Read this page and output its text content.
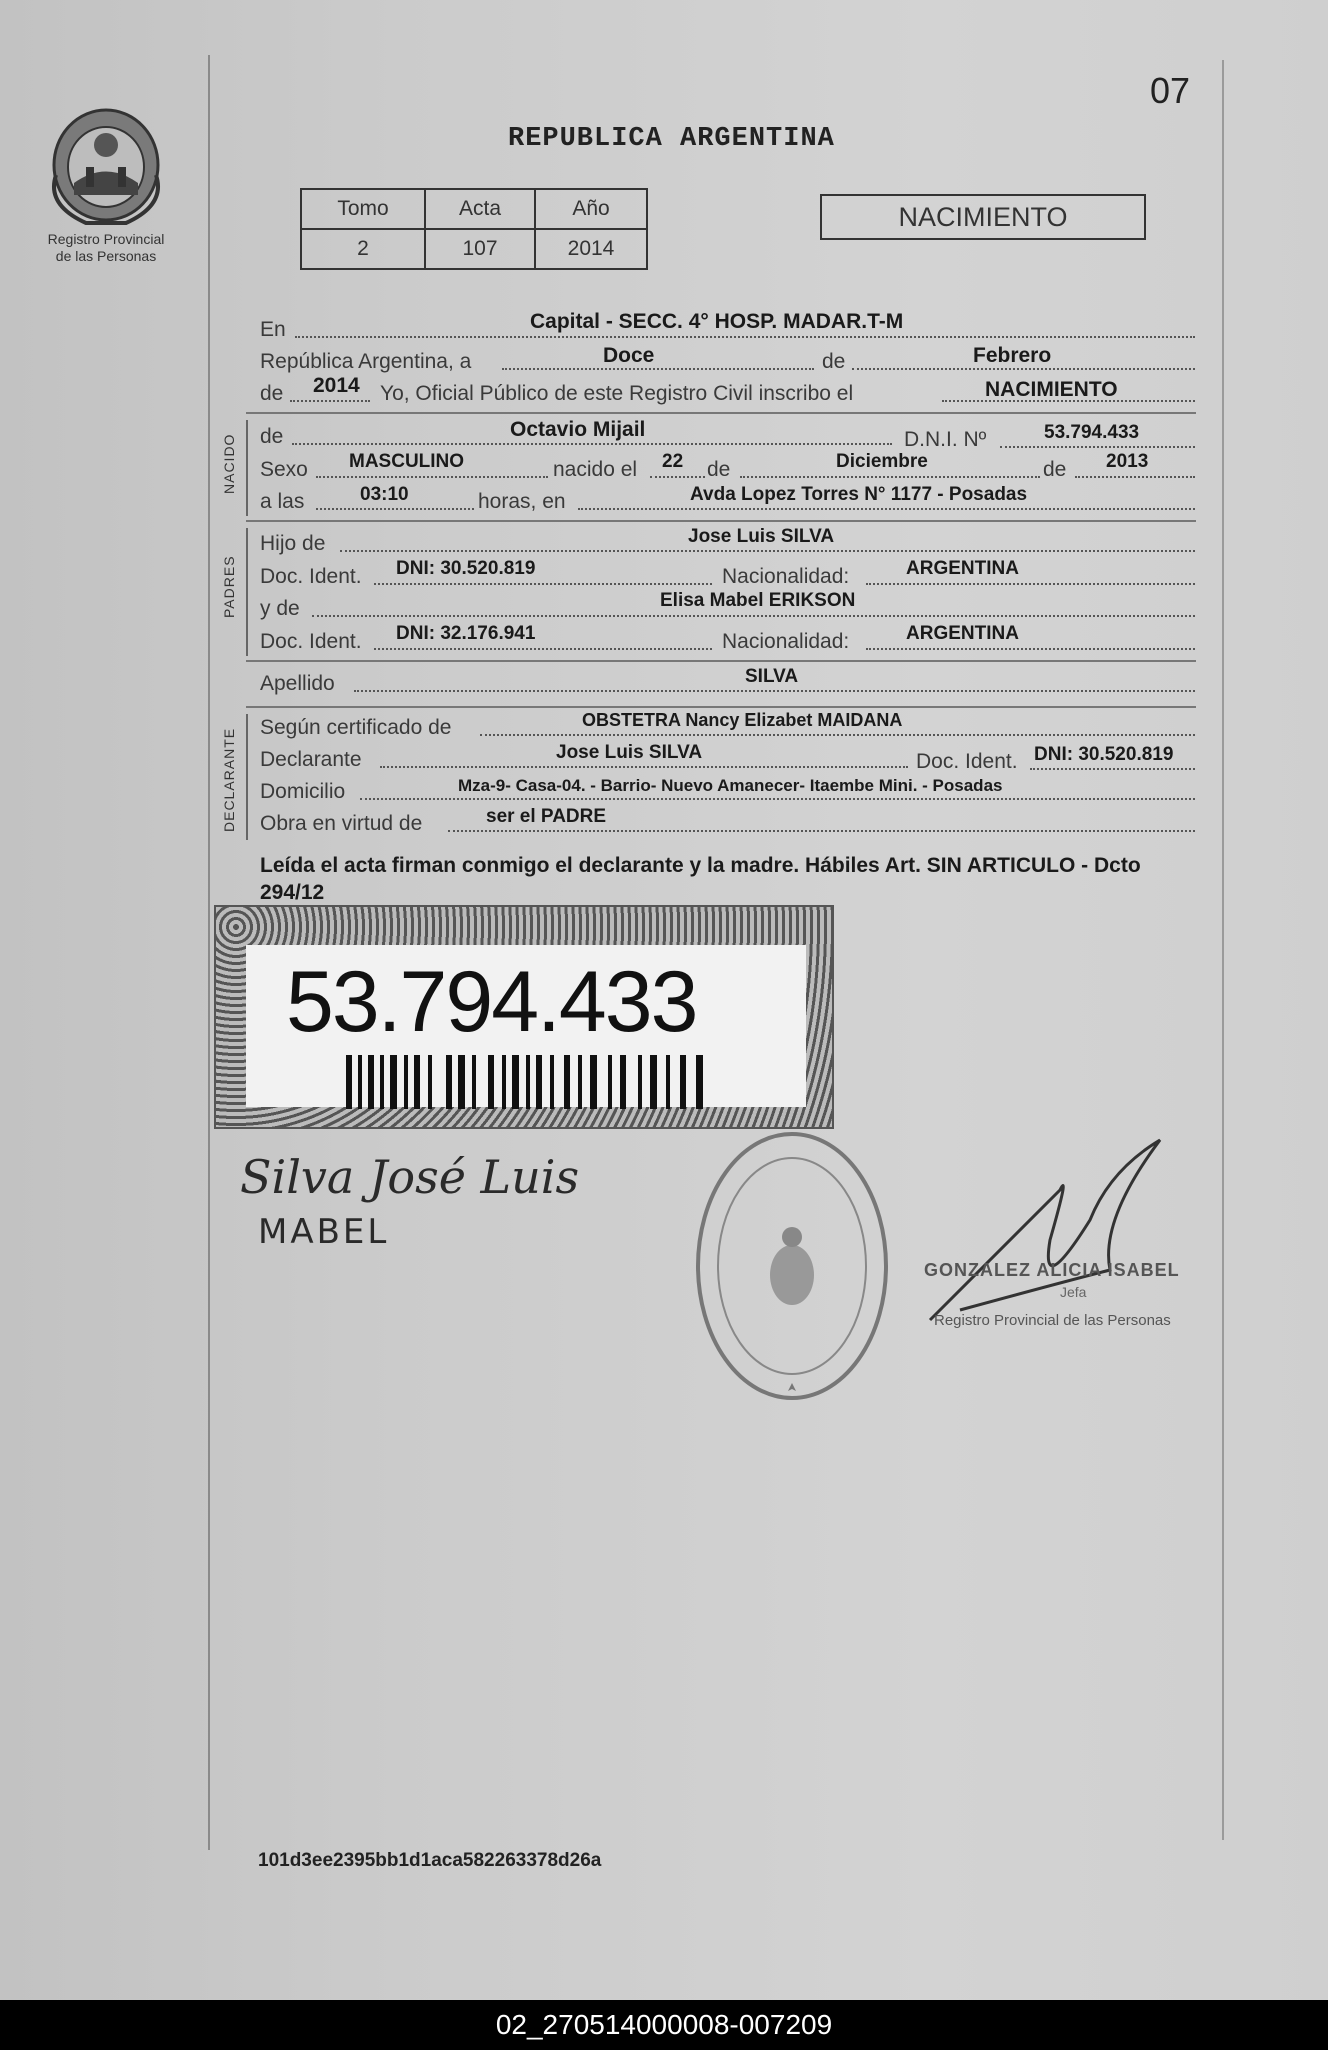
Registro Provincial
de las Personas
07
REPUBLICA ARGENTINA
Tomo	Acta	Año
2	107	2014
NACIMIENTO
En	Capital - SECC. 4° HOSP. MADAR.T-M
República Argentina, a	Doce	de	Febrero
de 2014 Yo, Oficial Público de este Registro Civil inscribo el	NACIMIENTO
NACIDO de	Octavio Mijail	D.N.I. Nº	53.794.433
Sexo MASCULINO	nacido el 22 de	Diciembre	de 2013
a las	03:10	horas, en	Avda Lopez Torres N° 1177 - Posadas
PADRES
Hijo de	Jose Luis SILVA
Doc. Ident. DNI: 30.520.819	Nacionalidad:	ARGENTINA
y de	Elisa Mabel ERIKSON
Doc. Ident. DNI: 32.176.941	Nacionalidad:	ARGENTINA
Apellido	SILVA
DECLARANTE
Según certificado de	OBSTETRA Nancy Elizabet MAIDANA
Declarante	Jose Luis SILVA	Doc. Ident. DNI: 30.520.819
Domicilio	Mza-9- Casa-04. - Barrio- Nuevo Amanecer- Itaembe Mini. - Posadas
Obra en virtud de	ser el PADRE
Leída el acta firman conmigo el declarante y la madre. Hábiles Art. SIN ARTICULO - Dcto 294/12
53.794.433
Silva José Luis
MABEL
GONZALEZ ALICIA ISABEL
Jefa
Registro Provincial de las Personas
101d3ee2395bb1d1aca582263378d26a
02_270514000008-007209
